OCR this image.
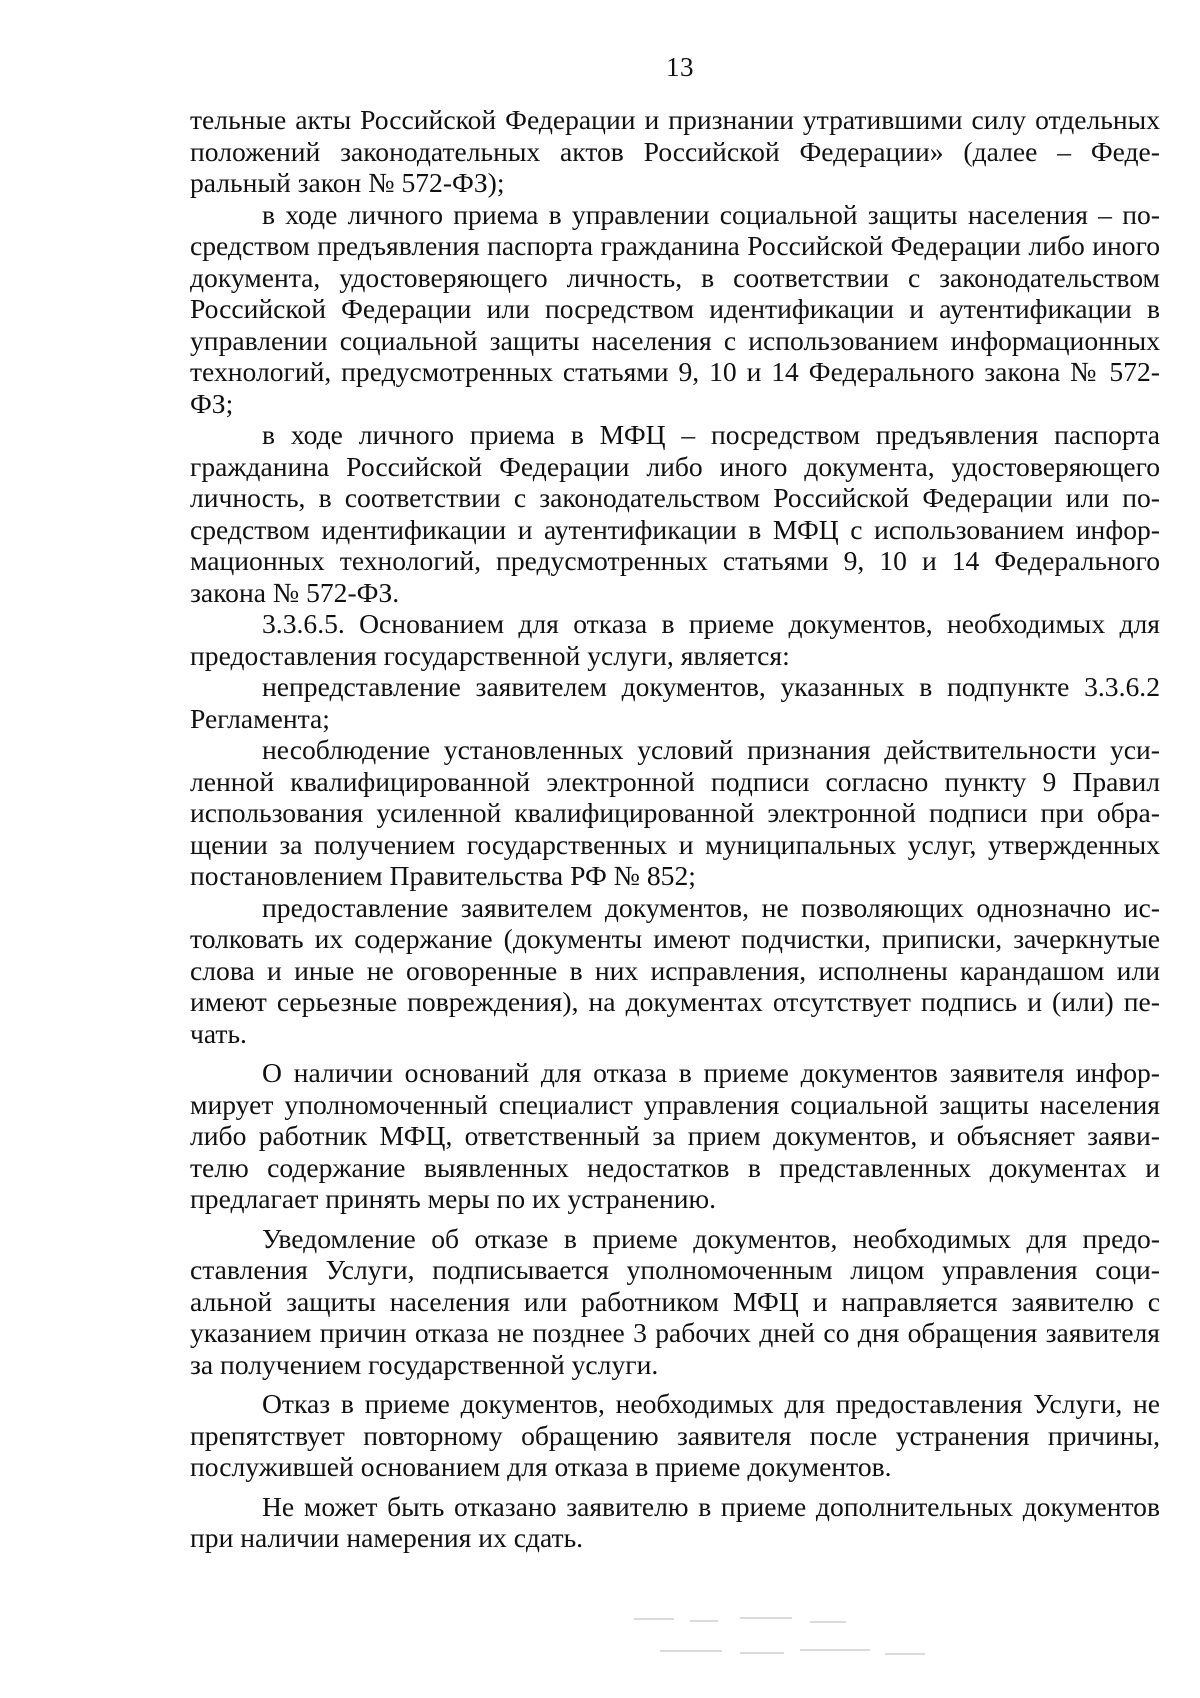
13

тельные акты Российской Федерации и признании утратившими силу отдельных положений законодательных актов Российской Федерации» (далее – Федеральный закон № 572-ФЗ);

в ходе личного приема в управлении социальной защиты населения – посредством предъявления паспорта гражданина Российской Федерации либо иного документа, удостоверяющего личность, в соответствии с законодательством Российской Федерации или посредством идентификации и аутентификации в управлении социальной защиты населения с использованием информационных технологий, предусмотренных статьями 9, 10 и 14 Федерального закона № 572-ФЗ;

в ходе личного приема в МФЦ – посредством предъявления паспорта гражданина Российской Федерации либо иного документа, удостоверяющего личность, в соответствии с законодательством Российской Федерации или посредством идентификации и аутентификации в МФЦ с использованием информационных технологий, предусмотренных статьями 9, 10 и 14 Федерального закона № 572-ФЗ.

3.3.6.5. Основанием для отказа в приеме документов, необходимых для предоставления государственной услуги, является:

непредставление заявителем документов, указанных в подпункте 3.3.6.2 Регламента;

несоблюдение установленных условий признания действительности усиленной квалифицированной электронной подписи согласно пункту 9 Правил использования усиленной квалифицированной электронной подписи при обращении за получением государственных и муниципальных услуг, утвержденных постановлением Правительства РФ № 852;

предоставление заявителем документов, не позволяющих однозначно истолковать их содержание (документы имеют подчистки, приписки, зачеркнутые слова и иные не оговоренные в них исправления, исполнены карандашом или имеют серьезные повреждения), на документах отсутствует подпись и (или) печать.

О наличии оснований для отказа в приеме документов заявителя информирует уполномоченный специалист управления социальной защиты населения либо работник МФЦ, ответственный за прием документов, и объясняет заявителю содержание выявленных недостатков в представленных документах и предлагает принять меры по их устранению.

Уведомление об отказе в приеме документов, необходимых для предоставления Услуги, подписывается уполномоченным лицом управления социальной защиты населения или работником МФЦ и направляется заявителю с указанием причин отказа не позднее 3 рабочих дней со дня обращения заявителя за получением государственной услуги.

Отказ в приеме документов, необходимых для предоставления Услуги, не препятствует повторному обращению заявителя после устранения причины, послужившей основанием для отказа в приеме документов.

Не может быть отказано заявителю в приеме дополнительных документов при наличии намерения их сдать.
